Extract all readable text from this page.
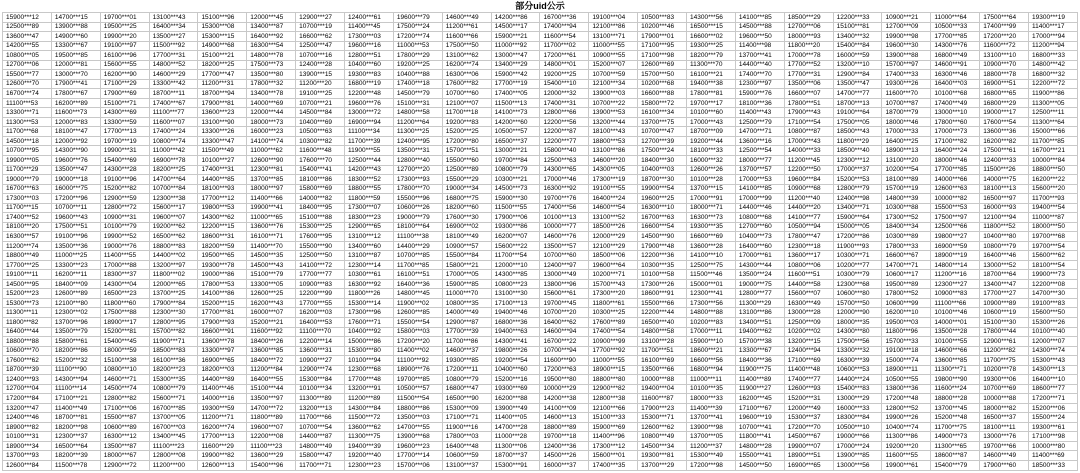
部分uid公示
15900***12	14700***15	19700***01	13100***43	15100***96	12000***45	12900***27	12400***61	19600***79	14600***49	14200***86	16700***36	19100***04	10500***83	14300***56	14100***85	18500***29	12200***33	10900***21	11000***64	17500***64	19300***19
12500***89	13900***88	19500***25	16400***34	15300***08	13400***87	10700***19	11400***45	17500***24	11200***61	14500***17	17400***94	12100***86	10200***46	16500***15	14500***88	12700***06	15100***81	12700***09	10500***33	17400***99	11400***17
13600***47	14900***60	19900***20	13500***27	15300***15	16400***92	16600***62	17300***03	17200***74	11600***66	15900***21	11600***54	13100***71	17900***01	16600***02	19600***50	18000***93	13400***32	19900***98	17700***85	17200***20	17000***94
14200***55	13300***67	19100***97	11500***92	14900***68	16300***54	12500***47	19600***16	11000***53	17500***50	11000***92	11700***02	11000***55	17100***95	19300***25	11400***98	11800***20	15400***84	19600***30	14300***76	11600***72	11200***94
10800***05	19500***85	16100***96	17700***31	15100***21	14800***78	10700***16	12800***51	17800***29	13100***62	13000***47	17200***61	10900***55	17100***98	18200***79	13700***41	17000***78	16000***59	13900***88	16800***49	13100***10	16800***33
12700***06	12000***81	15600***55	14800***52	18200***25	17500***73	12400***28	10400***60	19200***25	16200***74	13400***29	14800***01	15200***07	12600***69	11300***70	14400***40	17700***52	13200***10	15700***97	14600***91	10900***70	14800***42
15500***77	13000***70	16200***90	14600***29	17700***47	13500***80	13900***15	19300***83	10400***88	16300***06	15900***42	19200***25	10700***59	15700***50	16100***21	17400***70	17700***31	12900***84	17400***33	16300***46	18800***78	16800***32
12600***70	17900***41	17100***29	13300***42	11200***31	17800***32	11200***20	16800***19	17400***18	17600***82	17700***19	15400***10	12100***34	10200***68	19400***38	12300***97	13500***06	13500***47	19300***26	16400***03	16900***51	12200***72
16700***74	17800***67	17900***69	18700***11	18700***94	13400***78	19100***25	12200***48	14500***79	10700***60	17400***05	12000***32	13900***03	16600***88	17800***81	15900***76	16600***07	14700***77	11600***70	10100***68	16800***65	11900***86
11100***53	16200***89	15100***71	17400***67	17900***81	14000***69	10700***21	19600***76	15100***31	12100***07	11500***13	17400***31	10700***22	15800***72	19700***17	18100***36	17800***51	18700***13	10700***87	17400***49	16800***29	11300***05
13300***71	11600***73	14300***69	11100***77	13600***23	12000***44	14500***84	13000***72	14800***58	11700***18	14100***73	12800***66	13900***53	16100***34	10100***60	11400***43	17900***43	19100***64	18700***79	13000***10	19000***17	12500***11
11300***53	12000***83	13300***59	11600***07	13100***90	18000***73	10400***69	16900***94	11200***64	19200***83	14200***60	12200***56	13200***44	13700***75	17000***43	12500***79	17100***54	17500***05	18000***46	17800***60	17600***54	11300***64
11700***68	18100***47	17700***13	17400***24	13300***26	16000***23	10500***63	11100***34	11300***25	15200***25	10500***57	12200***87	18100***43	10700***47	18700***09	14700***71	10800***87	18500***43	17000***33	17000***73	13600***36	15000***66
14500***18	12000***92	19700***19	10800***74	13300***47	14100***74	10300***82	11700***39	12400***95	17200***80	16500***37	12200***77	18800***53	12700***39	19200***44	13600***16	17000***43	11800***29	16400***25	17100***82	16200***82	11700***85
10700***95	14300***90	19900***31	11000***42	11500***49	11000***62	11600***48	11900***55	13500***31	15700***51	13000***21	15800***40	13100***86	17500***24	18100***33	12500***54	14000***33	18500***40	18900***13	16400***24	17500***61	16700***21
19900***05	19600***76	15400***69	16900***78	10100***27	12600***90	17600***70	12500***44	12800***40	15500***60	19700***84	12500***63	14600***20	18400***30	16000***32	18000***77	11200***45	12300***12	13100***20	18000***46	12400***33	10000***84
11700***29	13500***47	14300***28	18200***25	17400***31	12300***81	15400***41	14200***43	12700***20	12500***89	10800***79	14300***65	14300***05	10400***03	12600***26	13700***57	12200***50	17000***37	10200***54	17700***85	11500***26	18800***50
19000***79	19000***18	19100***96	14700***64	14400***85	13700***85	18100***86	18300***52	17300***93	15500***29	10300***21	17000***46	17300***19	18700***30	10100***28	17000***53	19600***84	15200***53	18100***89	14000***66	14000***75	16200***22
16700***63	16000***75	15200***82	10700***84	18100***93	18000***97	15800***69	18800***55	17800***70	19000***34	14500***73	16300***92	19100***55	19900***54	13700***15	14100***85	10900***68	12800***79	15700***19	12600***63	18100***13	15600***20
17300***03	17200***96	12900***59	12300***38	17700***12	11400***66	14000***82	11800***59	15500***96	16800***75	15900***30	19700***76	16400***24	19600***25	17000***91	17000***99	11200***40	12400***98	14800***39	10000***82	16500***97	11700***93
11700***15	10700***11	12800***72	15600***17	19800***53	19900***41	18400***95	17300***07	10600***26	18200***60	11500***55	17400***56	14600***54	16300***10	18000***71	14400***46	14400***20	13400***71	10300***88	15500***53	16000***93	19400***54
17400***52	19600***43	10900***31	19600***07	14300***62	11000***65	15100***88	18300***23	19000***79	17600***30	17900***06	10100***13	13100***52	16700***63	16300***73	10800***68	14100***77	15900***64	17300***52	17500***97	12100***94	11000***87
18100***20	17500***51	10100***79	19200***62	12200***15	13600***76	15300***25	12900***65	18100***64	16900***02	19300***86	10000***77	18500***26	16600***54	19300***35	12700***60	10500***94	15000***05	18400***34	12500***66	11800***52	18000***50
16300***57	19100***96	19900***52	16500***62	18600***31	16100***71	17600***95	13100***12	11100***38	18100***49	16200***07	14600***76	12000***29	14500***90	16600***69	10400***73	17800***47	17200***86	10300***89	19800***27	10400***80	19700***68
11200***74	13500***36	19000***76	18800***83	18200***59	11400***70	15500***90	13400***60	14400***29	10900***57	15600***22	13500***57	12100***29	17900***48	13600***28	16400***60	12300***18	11900***93	17800***33	16900***59	10800***79	19700***54
18800***49	11000***25	11400***55	14400***02	19500***65	14500***35	12500***50	13100***87	10700***85	15500***84	11700***54	10700***60	18500***06	12200***36	14100***10	17000***61	13600***17	10300***71	16600***67	18900***19	16400***46	15600***62
17700***25	13300***23	17000***88	13200***97	19300***78	14500***43	14100***72	12300***14	11700***85	15800***21	12000***10	12400***97	19600***64	10300***35	12500***75	14300***44	10800***06	10200***77	14700***71	14800***14	13000***52	18100***54
19100***11	16200***11	18300***37	11800***02	19000***86	15100***79	17700***77	10300***61	16100***51	17000***05	14300***85	13000***49	10200***71	10100***58	11500***46	13500***24	11600***51	10300***79	10600***17	11200***16	18700***64	19900***73
14500***95	18400***09	14300***04	12000***65	17800***53	13300***05	10900***83	16300***92	16400***36	15900***85	10800***23	13800***96	15700***43	17300***26	15000***01	19000***75	14400***58	12300***68	19500***89	12300***27	13400***47	12200***08
15200***23	12600***89	16500***23	13700***25	14100***86	12600***25	12200***99	11800***26	14800***45	11000***70	13100***30	15600***61	17300***20	18600***91	12300***41	12800***77	15600***07	10600***80	17800***52	10900***83	17700***27	14700***30
15300***73	12100***80	11800***60	17900***84	15200***15	16200***43	17700***55	15300***14	11900***02	10800***35	17100***13	19700***45	11800***61	15500***66	17300***56	11300***29	16300***49	15700***50	10600***99	11100***66	10900***89	19100***83
11300***11	12300***02	17500***88	12300***30	17700***81	16000***07	16200***03	17300***96	12600***85	14000***49	19400***46	10700***20	10300***25	12200***44	14800***88	13100***86	13000***28	12000***90	16200***10	10100***46	10600***19	15600***50
11800***82	13700***96	18900***17	12800***95	17900***93	15200***21	16400***53	17600***71	15500***54	12900***87	16800***36	16400***62	17600***89	16500***40	10200***83	13400***51	12500***09	18000***35	19500***03	14000***01	15100***30	15300***26
16400***44	13500***79	15200***81	15700***82	16600***91	11600***92	11100***70	10400***92	15800***03	17700***39	19400***63	14600***94	17400***54	14800***58	17000***11	19400***62	10200***02	14300***80	11800***96	13500***28	17800***44	10100***40
18800***88	15800***61	15400***45	11900***71	13600***78	18400***26	12200***14	15000***86	17200***20	11700***86	14300***41	16700***22	10900***99	13100***28	15900***10	15700***38	13200***15	17500***56	15700***33	10100***55	12900***61	12000***07
10600***70	18200***86	18000***59	18500***83	13300***97	13600***85	13600***31	15300***80	11400***02	14600***37	19800***26	10700***94	17700***92	11700***51	18600***21	13300***67	12400***94	13300***32	19100***18	14600***66	11200***82	14300***74
17600***62	15200***32	15100***38	16100***36	16900***65	18400***72	10900***27	10100***94	11100***92	19300***85	19200***54	11600***90	11000***55	16100***69	16600***56	18400***36	17100***69	16300***39	15000***74	13600***85	11700***75	15300***43
18700***39	11100***90	10800***10	18200***23	18200***03	11200***84	12900***74	12300***68	18900***76	17200***11	10400***60	17200***63	18900***15	13500***66	16800***94	11900***75	11400***48	10600***53	18900***11	11300***71	10200***78	14300***13
12400***93	14300***94	14600***71	15300***35	14400***89	16400***55	15300***84	17700***48	19700***85	10800***79	15200***16	19500***80	18800***80	10000***88	11000***11	11400***89	17400***77	14400***24	10500***55	19800***90	19300***06	16400***10
12700***04	11100***14	14500***74	10800***79	11400***46	15100***44	10100***34	13200***91	10500***57	16800***47	19300***69	10000***29	12900***82	19400***04	10100***35	11900***27	12600***93	15400***83	13800***36	11600***24	10700***69	18600***77
17200***84	17100***21	12800***82	15600***71	14000***16	13500***97	11300***89	11200***89	11500***54	16500***90	16200***88	14200***38	12800***38	11600***87	18000***33	16200***45	15200***31	13000***29	17200***48	18800***28	10000***88	17200***71
13200***47	11400***49	17100***06	16700***85	19300***59	14700***72	13200***13	14300***84	18800***86	15300***09	13900***49	14100***09	12100***66	17900***23	11400***39	17100***67	12000***49	16000***33	12800***52	13700***45	18000***82	15200***06
12400***46	18700***81	15500***87	13700***05	11200***71	11800***89	11700***66	11500***72	13500***03	17100***71	11400***05	14600***13	15100***33	15300***71	13700***41	19600***19	15300***37	18300***84	19900***26	15200***48	16500***37	15500***24
18900***82	18200***98	10600***89	16700***03	16200***74	19600***07	10700***54	13600***62	14700***55	11900***16	14700***28	18800***89	15900***69	12600***62	13900***98	10700***41	17200***70	10500***10	10400***74	11700***75	18100***11	19300***61
10100***31	12300***37	16300***12	13400***45	17700***13	12200***08	14400***87	11300***75	13900***68	17800***03	11000***28	19700***18	11400***96	10800***49	13700***05	11800***41	14500***67	19000***66	11300***86	14900***73	13000***76	17100***98
18900***34	16500***64	13500***87	11100***23	11600***29	11100***23	14800***49	19400***39	19600***23	16400***48	11300***06	12400***36	17300***12	14500***34	11200***37	14800***28	19900***07	17000***24	19200***20	11300***65	19700***66	10000***80
13700***93	18200***39	18000***67	12800***08	19900***82	13600***29	15800***47	19200***40	17700***14	10600***59	18700***37	14500***26	15600***01	19300***81	15300***49	15500***41	18900***51	13900***85	11600***55	18600***87	14600***49	11400***69
12600***84	11500***78	12900***72	11200***00	12600***13	15400***96	11700***71	12300***23	15700***06	13100***37	15300***91	16000***37	17400***35	13700***29	17200***98	14500***50	16900***65	13000***56	19900***61	15400***79	17900***60	18500***33
